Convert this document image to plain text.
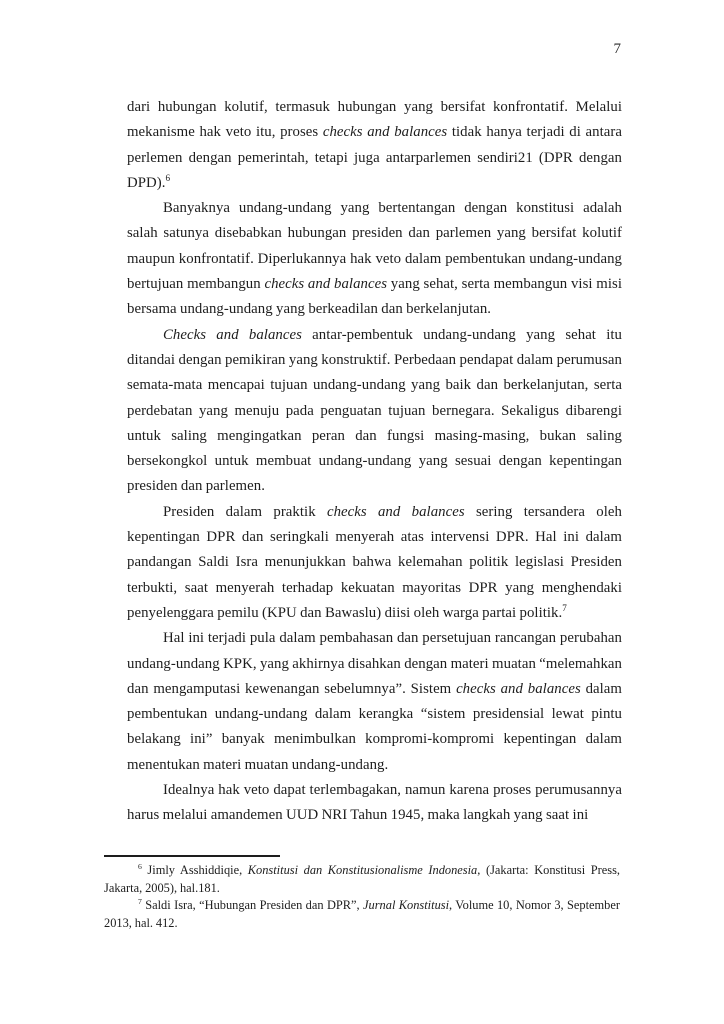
7

dari hubungan kolutif, termasuk hubungan yang bersifat konfrontatif. Melalui mekanisme hak veto itu, proses checks and balances tidak hanya terjadi di antara perlemen dengan pemerintah, tetapi juga antarparlemen sendiri21 (DPR dengan DPD).$^6$

Banyaknya undang-undang yang bertentangan dengan konstitusi adalah salah satunya disebabkan hubungan presiden dan parlemen yang bersifat kolutif maupun konfrontatif. Diperlukannya hak veto dalam pembentukan undang-undang bertujuan membangun checks and balances yang sehat, serta membangun visi misi bersama undang-undang yang berkeadilan dan berkelanjutan.

Checks and balances antar-pembentuk undang-undang yang sehat itu ditandai dengan pemikiran yang konstruktif. Perbedaan pendapat dalam perumusan semata-mata mencapai tujuan undang-undang yang baik dan berkelanjutan, serta perdebatan yang menuju pada penguatan tujuan bernegara. Sekaligus dibarengi untuk saling mengingatkan peran dan fungsi masing-masing, bukan saling bersekongkol untuk membuat undang-undang yang sesuai dengan kepentingan presiden dan parlemen.

Presiden dalam praktik checks and balances sering tersandera oleh kepentingan DPR dan seringkali menyerah atas intervensi DPR. Hal ini dalam pandangan Saldi Isra menunjukkan bahwa kelemahan politik legislasi Presiden terbukti, saat menyerah terhadap kekuatan mayoritas DPR yang menghendaki penyelenggara pemilu (KPU dan Bawaslu) diisi oleh warga partai politik.$^7$

Hal ini terjadi pula dalam pembahasan dan persetujuan rancangan perubahan undang-undang KPK, yang akhirnya disahkan dengan materi muatan “melemahkan dan mengamputasi kewenangan sebelumnya”. Sistem checks and balances dalam pembentukan undang-undang dalam kerangka “sistem presidensial lewat pintu belakang ini” banyak menimbulkan kompromi-kompromi kepentingan dalam menentukan materi muatan undang-undang.

Idealnya hak veto dapat terlembagakan, namun karena proses perumusannya harus melalui amandemen UUD NRI Tahun 1945, maka langkah yang saat ini

$^6$ Jimly Asshiddiqie, Konstitusi dan Konstitusionalisme Indonesia, (Jakarta: Konstitusi Press, Jakarta, 2005), hal.181.

$^7$ Saldi Isra, “Hubungan Presiden dan DPR”, Jurnal Konstitusi, Volume 10, Nomor 3, September 2013, hal. 412.
